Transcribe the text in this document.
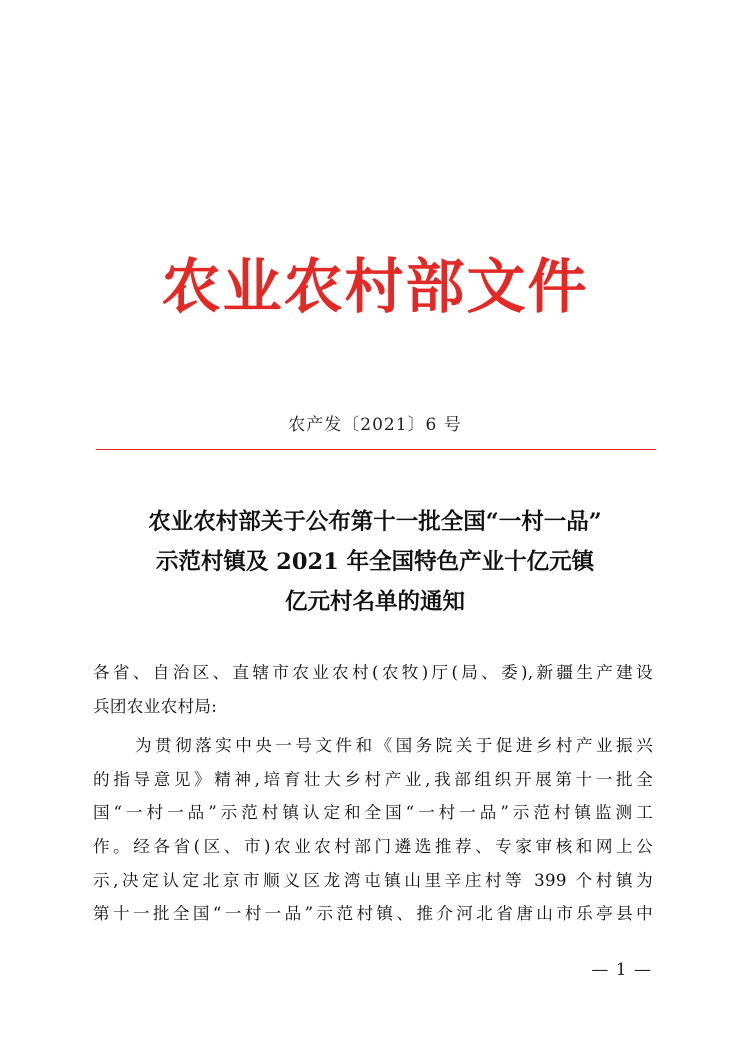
农业农村部文件
农产发〔2021〕6 号
农业农村部关于公布第十一批全国“一村一品”
示范村镇及 2021 年全国特色产业十亿元镇
亿元村名单的通知
各省、自治区、直辖市农业农村(农牧)厅(局、委),新疆生产建设
兵团农业农村局:
为贯彻落实中央一号文件和《国务院关于促进乡村产业振兴
的指导意见》精神,培育壮大乡村产业,我部组织开展第十一批全
国“一村一品”示范村镇认定和全国“一村一品”示范村镇监测工
作。经各省(区、市)农业农村部门遴选推荐、专家审核和网上公
示,决定认定北京市顺义区龙湾屯镇山里辛庄村等 399 个村镇为
第十一批全国“一村一品”示范村镇、推介河北省唐山市乐亭县中
— 1 —
